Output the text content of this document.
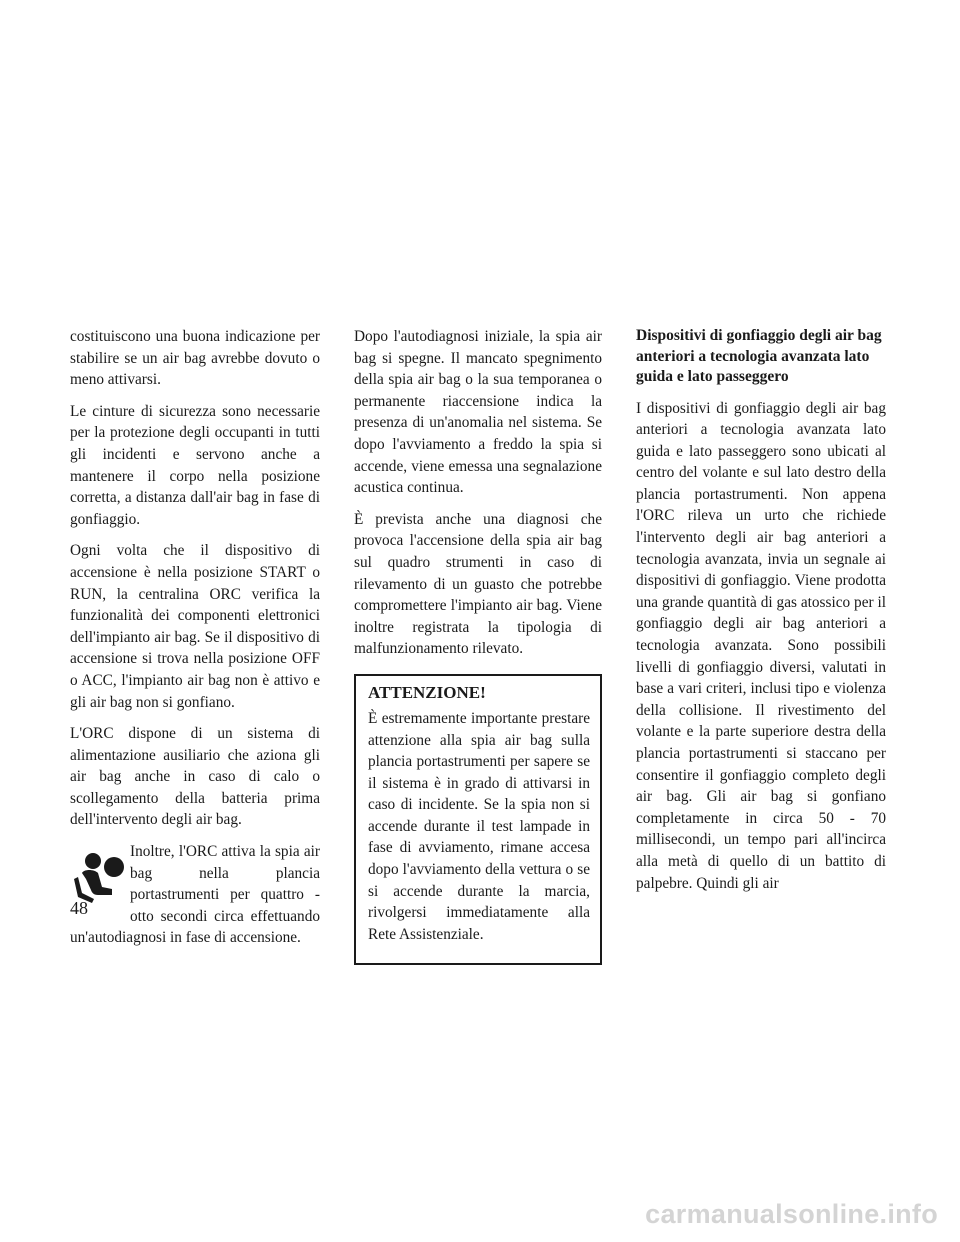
costituiscono una buona indicazione per stabilire se un air bag avrebbe dovuto o meno attivarsi.

Le cinture di sicurezza sono necessarie per la protezione degli occupanti in tutti gli incidenti e servono anche a mantenere il corpo nella posizione corretta, a distanza dall'air bag in fase di gonfiaggio.

Ogni volta che il dispositivo di accensione è nella posizione START o RUN, la centralina ORC verifica la funzionalità dei componenti elettronici dell'impianto air bag. Se il dispositivo di accensione si trova nella posizione OFF o ACC, l'impianto air bag non è attivo e gli air bag non si gonfiano.

L'ORC dispone di un sistema di alimentazione ausiliario che aziona gli air bag anche in caso di calo o scollegamento della batteria prima dell'intervento degli air bag.

Inoltre, l'ORC attiva la spia air bag nella plancia portastrumenti per quattro - otto secondi circa effettuando un'autodiagnosi in fase di accensione.

Dopo l'autodiagnosi iniziale, la spia air bag si spegne. Il mancato spegnimento della spia air bag o la sua temporanea o permanente riaccensione indica la presenza di un'anomalia nel sistema. Se dopo l'avviamento a freddo la spia si accende, viene emessa una segnalazione acustica continua.

È prevista anche una diagnosi che provoca l'accensione della spia air bag sul quadro strumenti in caso di rilevamento di un guasto che potrebbe compromettere l'impianto air bag. Viene inoltre registrata la tipologia di malfunzionamento rilevato.

ATTENZIONE!

È estremamente importante prestare attenzione alla spia air bag sulla plancia portastrumenti per sapere se il sistema è in grado di attivarsi in caso di incidente. Se la spia non si accende durante il test lampade in fase di avviamento, rimane accesa dopo l'avviamento della vettura o se si accende durante la marcia, rivolgersi immediatamente alla Rete Assistenziale.

Dispositivi di gonfiaggio degli air bag anteriori a tecnologia avanzata lato guida e lato passeggero

I dispositivi di gonfiaggio degli air bag anteriori a tecnologia avanzata lato guida e lato passeggero sono ubicati al centro del volante e sul lato destro della plancia portastrumenti. Non appena l'ORC rileva un urto che richiede l'intervento degli air bag anteriori a tecnologia avanzata, invia un segnale ai dispositivi di gonfiaggio. Viene prodotta una grande quantità di gas atossico per il gonfiaggio degli air bag anteriori a tecnologia avanzata. Sono possibili livelli di gonfiaggio diversi, valutati in base a vari criteri, inclusi tipo e violenza della collisione. Il rivestimento del volante e la parte superiore destra della plancia portastrumenti si staccano per consentire il gonfiaggio completo degli air bag. Gli air bag si gonfiano completamente in circa 50 - 70 millisecondi, un tempo pari all'incirca alla metà di quello di un battito di palpebre. Quindi gli air

48
carmanualsonline.info
